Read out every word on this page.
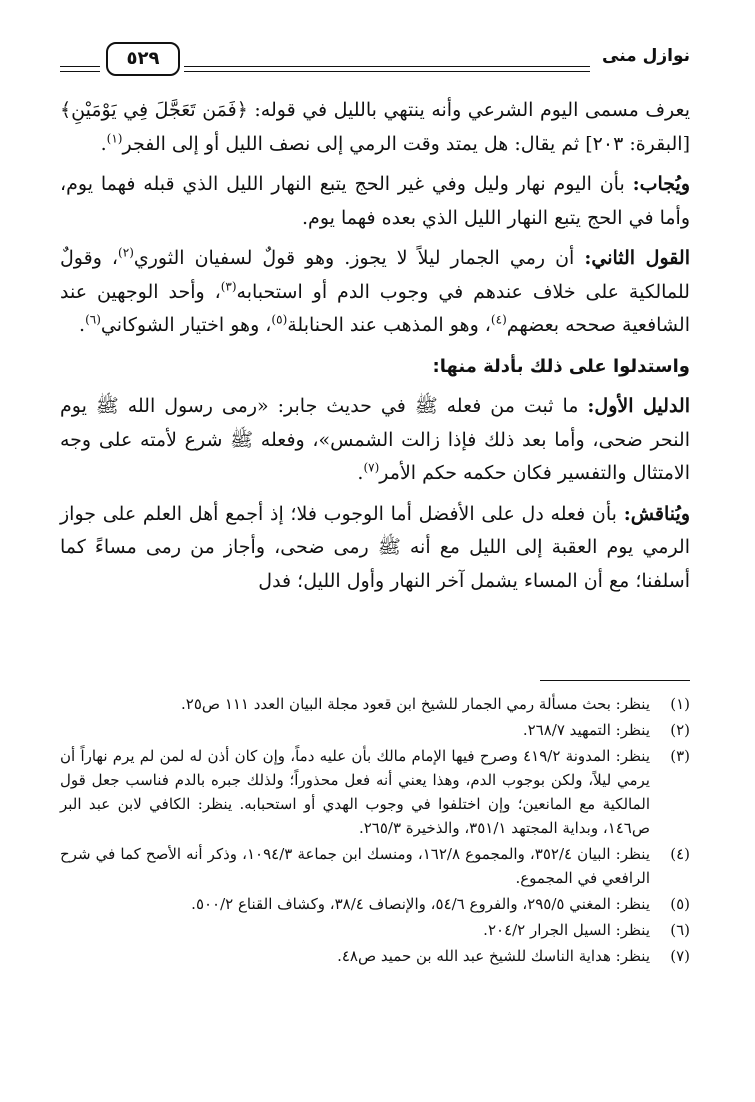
نوازل منى
٥٢٩

يعرف مسمى اليوم الشرعي وأنه ينتهي بالليل في قوله: ﴿فَمَن تَعَجَّلَ فِي يَوْمَيْنِ﴾ [البقرة: ٢٠٣] ثم يقال: هل يمتد وقت الرمي إلى نصف الليل أو إلى الفجر$^{(١)}$.

ويُجاب: بأن اليوم نهار وليل وفي غير الحج يتبع النهار الليل الذي قبله فهما يوم، وأما في الحج يتبع النهار الليل الذي بعده فهما يوم.

القول الثاني: أن رمي الجمار ليلاً لا يجوز. وهو قولٌ لسفيان الثوري$^{(٢)}$، وقولٌ للمالكية على خلاف عندهم في وجوب الدم أو استحبابه$^{(٣)}$، وأحد الوجهين عند الشافعية صححه بعضهم$^{(٤)}$، وهو المذهب عند الحنابلة$^{(٥)}$، وهو اختيار الشوكاني$^{(٦)}$.

واستدلوا على ذلك بأدلة منها:

الدليل الأول: ما ثبت من فعله ﷺ في حديث جابر: «رمى رسول الله ﷺ يوم النحر ضحى، وأما بعد ذلك فإذا زالت الشمس»، وفعله ﷺ شرع لأمته على وجه الامتثال والتفسير فكان حكمه حكم الأمر$^{(٧)}$.

ويُناقش: بأن فعله دل على الأفضل أما الوجوب فلا؛ إذ أجمع أهل العلم على جواز الرمي يوم العقبة إلى الليل مع أنه ﷺ رمى ضحى، وأجاز من رمى مساءً كما أسلفنا؛ مع أن المساء يشمل آخر النهار وأول الليل؛ فدل

(١)
ينظر: بحث مسألة رمي الجمار للشيخ ابن قعود مجلة البيان العدد ١١١ ص٢٥.
(٢)
ينظر: التمهيد ٢٦٨/٧.
(٣)
ينظر: المدونة ٤١٩/٢ وصرح فيها الإمام مالك بأن عليه دماً، وإن كان أذن له لمن لم يرم نهاراً أن يرمي ليلاً، ولكن بوجوب الدم، وهذا يعني أنه فعل محذوراً؛ ولذلك جبره بالدم فناسب جعل قول المالكية مع المانعين؛ وإن اختلفوا في وجوب الهدي أو استحبابه. ينظر: الكافي لابن عبد البر ص١٤٦، وبداية المجتهد ٣٥١/١، والذخيرة ٢٦٥/٣.
(٤)
ينظر: البيان ٣٥٢/٤، والمجموع ١٦٢/٨، ومنسك ابن جماعة ١٠٩٤/٣، وذكر أنه الأصح كما في شرح الرافعي في المجموع.
(٥)
ينظر: المغني ٢٩٥/٥، والفروع ٥٤/٦، والإنصاف ٣٨/٤، وكشاف القناع ٥٠٠/٢.
(٦)
ينظر: السيل الجرار ٢٠٤/٢.
(٧)
ينظر: هداية الناسك للشيخ عبد الله بن حميد ص٤٨.
